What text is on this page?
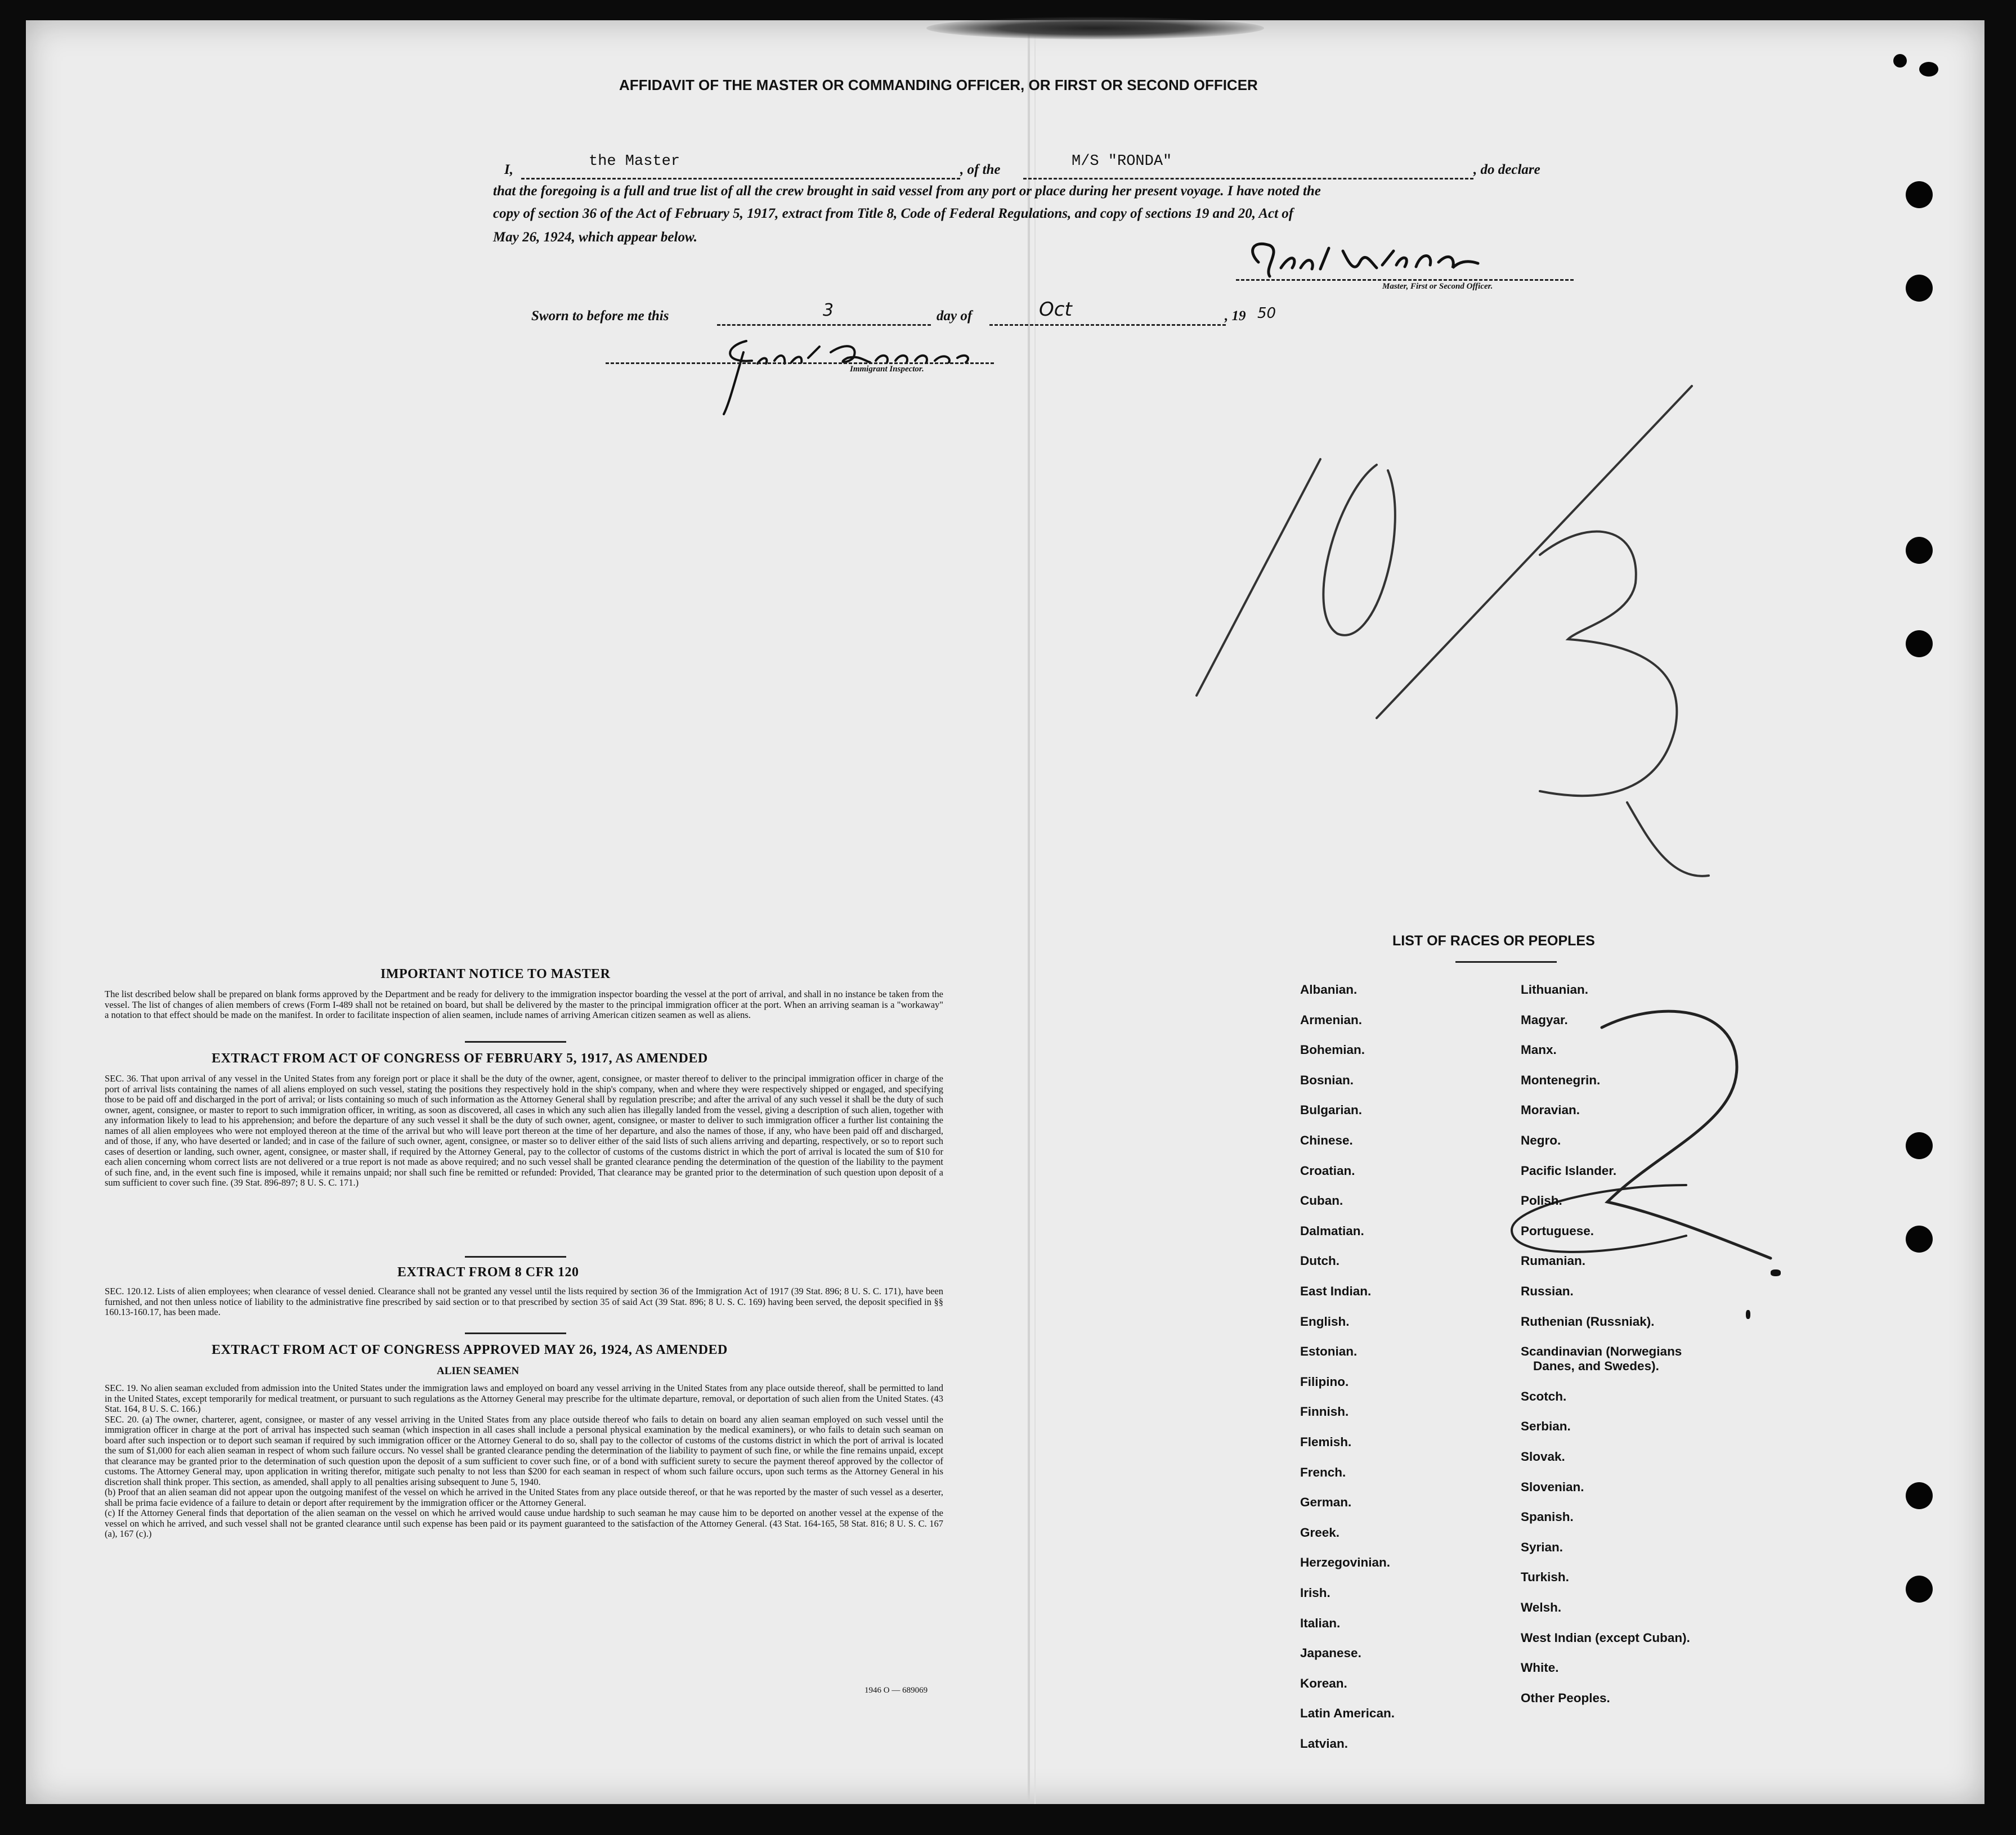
AFFIDAVIT OF THE MASTER OR COMMANDING OFFICER, OR FIRST OR SECOND OFFICER
I,	the Master	, of the	M/S "RONDA"	, do declare
that the foregoing is a full and true list of all the crew brought in said vessel from any port or place during her present voyage. I have noted the
copy of section 36 of the Act of February 5, 1917, extract from Title 8, Code of Federal Regulations, and copy of sections 19 and 20, Act of
May 26, 1924, which appear below.
Master, First or Second Officer.
Sworn to before me this	3	day of	Oct	, 19 50
Immigrant Inspector.
IMPORTANT NOTICE TO MASTER
The list described below shall be prepared on blank forms approved by the Department and be ready for delivery to the immigration inspector boarding the vessel at the port of arrival, and shall in no instance be taken from the vessel. The list of changes of alien members of crews (Form I-489 shall not be retained on board, but shall be delivered by the master to the principal immigration officer at the port. When an arriving seaman is a "workaway" a notation to that effect should be made on the manifest. In order to facilitate inspection of alien seamen, include names of arriving American citizen seamen as well as aliens.
EXTRACT FROM ACT OF CONGRESS OF FEBRUARY 5, 1917, AS AMENDED
SEC. 36. That upon arrival of any vessel in the United States from any foreign port or place it shall be the duty of the owner, agent, consignee, or master thereof to deliver to the principal immigration officer in charge of the port of arrival lists containing the names of all aliens employed on such vessel, stating the positions they respectively hold in the ship's company, when and where they were respectively shipped or engaged, and specifying those to be paid off and discharged in the port of arrival; or lists containing so much of such information as the Attorney General shall by regulation prescribe; and after the arrival of any such vessel it shall be the duty of such owner, agent, consignee, or master to report to such immigration officer, in writing, as soon as discovered, all cases in which any such alien has illegally landed from the vessel, giving a description of such alien, together with any information likely to lead to his apprehension; and before the departure of any such vessel it shall be the duty of such owner, agent, consignee, or master to deliver to such immigration officer a further list containing the names of all alien employees who were not employed thereon at the time of the arrival but who will leave port thereon at the time of her departure, and also the names of those, if any, who have been paid off and discharged, and of those, if any, who have deserted or landed; and in case of the failure of such owner, agent, consignee, or master so to deliver either of the said lists of such aliens arriving and departing, respectively, or so to report such cases of desertion or landing, such owner, agent, consignee, or master shall, if required by the Attorney General, pay to the collector of customs of the customs district in which the port of arrival is located the sum of $10 for each alien concerning whom correct lists are not delivered or a true report is not made as above required; and no such vessel shall be granted clearance pending the determination of the question of the liability to the payment of such fine, and, in the event such fine is imposed, while it remains unpaid; nor shall such fine be remitted or refunded: Provided, That clearance may be granted prior to the determination of such question upon deposit of a sum sufficient to cover such fine. (39 Stat. 896-897; 8 U. S. C. 171.)
EXTRACT FROM 8 CFR 120
SEC. 120.12. Lists of alien employees; when clearance of vessel denied. Clearance shall not be granted any vessel until the lists required by section 36 of the Immigration Act of 1917 (39 Stat. 896; 8 U. S. C. 171), have been furnished, and not then unless notice of liability to the administrative fine prescribed by said section or to that prescribed by section 35 of said Act (39 Stat. 896; 8 U. S. C. 169) having been served, the deposit specified in §§ 160.13-160.17, has been made.
EXTRACT FROM ACT OF CONGRESS APPROVED MAY 26, 1924, AS AMENDED
ALIEN SEAMEN
SEC. 19. No alien seaman excluded from admission into the United States under the immigration laws and employed on board any vessel arriving in the United States from any place outside thereof, shall be permitted to land in the United States, except temporarily for medical treatment, or pursuant to such regulations as the Attorney General may prescribe for the ultimate departure, removal, or deportation of such alien from the United States. (43 Stat. 164, 8 U. S. C. 166.)
SEC. 20. (a) The owner, charterer, agent, consignee, or master of any vessel arriving in the United States from any place outside thereof who fails to detain on board any alien seaman employed on such vessel until the immigration officer in charge at the port of arrival has inspected such seaman (which inspection in all cases shall include a personal physical examination by the medical examiners), or who fails to detain such seaman on board after such inspection or to deport such seaman if required by such immigration officer or the Attorney General to do so, shall pay to the collector of customs of the customs district in which the port of arrival is located the sum of $1,000 for each alien seaman in respect of whom such failure occurs. No vessel shall be granted clearance pending the determination of the liability to payment of such fine, or while the fine remains unpaid, except that clearance may be granted prior to the determination of such question upon the deposit of a sum sufficient to cover such fine, or of a bond with sufficient surety to secure the payment thereof approved by the collector of customs. The Attorney General may, upon application in writing therefor, mitigate such penalty to not less than $200 for each seaman in respect of whom such failure occurs, upon such terms as the Attorney General in his discretion shall think proper. This section, as amended, shall apply to all penalties arising subsequent to June 5, 1940.
(b) Proof that an alien seaman did not appear upon the outgoing manifest of the vessel on which he arrived in the United States from any place outside thereof, or that he was reported by the master of such vessel as a deserter, shall be prima facie evidence of a failure to detain or deport after requirement by the immigration officer or the Attorney General.
(c) If the Attorney General finds that deportation of the alien seaman on the vessel on which he arrived would cause undue hardship to such seaman he may cause him to be deported on another vessel at the expense of the vessel on which he arrived, and such vessel shall not be granted clearance until such expense has been paid or its payment guaranteed to the satisfaction of the Attorney General. (43 Stat. 164-165, 58 Stat. 816; 8 U. S. C. 167 (a), 167 (c).)
1946 O — 689069
LIST OF RACES OR PEOPLES
Albanian.
Armenian.
Bohemian.
Bosnian.
Bulgarian.
Chinese.
Croatian.
Cuban.
Dalmatian.
Dutch.
East Indian.
English.
Estonian.
Filipino.
Finnish.
Flemish.
French.
German.
Greek.
Herzegovinian.
Irish.
Italian.
Japanese.
Korean.
Latin American.
Latvian.
Lithuanian.
Magyar.
Manx.
Montenegrin.
Moravian.
Negro.
Pacific Islander.
Polish.
Portuguese.
Rumanian.
Russian.
Ruthenian (Russniak).
Scandinavian (Norwegians
Danes, and Swedes).
Scotch.
Serbian.
Slovak.
Slovenian.
Spanish.
Syrian.
Turkish.
Welsh.
West Indian (except Cuban).
White.
Other Peoples.
